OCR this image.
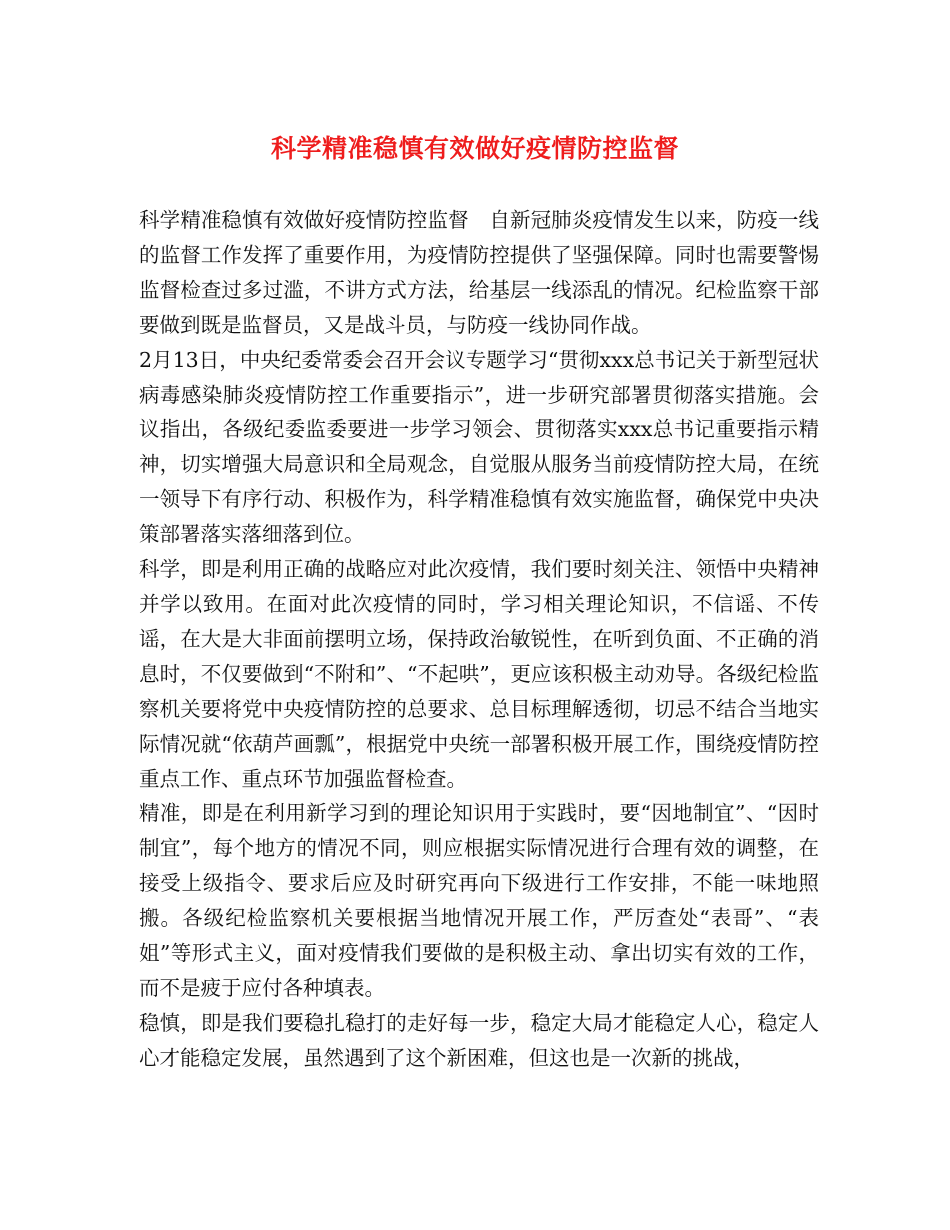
科学精准稳慎有效做好疫情防控监督

科学精准稳慎有效做好疫情防控监督　自新冠肺炎疫情发生以来，防疫一线的监督工作发挥了重要作用，为疫情防控提供了坚强保障。同时也需要警惕监督检查过多过滥，不讲方式方法，给基层一线添乱的情况。纪检监察干部要做到既是监督员，又是战斗员，与防疫一线协同作战。

2月13日，中央纪委常委会召开会议专题学习“贯彻xxx总书记关于新型冠状病毒感染肺炎疫情防控工作重要指示”，进一步研究部署贯彻落实措施。会议指出，各级纪委监委要进一步学习领会、贯彻落实xxx总书记重要指示精神，切实增强大局意识和全局观念，自觉服从服务当前疫情防控大局，在统一领导下有序行动、积极作为，科学精准稳慎有效实施监督，确保党中央决策部署落实落细落到位。

科学，即是利用正确的战略应对此次疫情，我们要时刻关注、领悟中央精神并学以致用。在面对此次疫情的同时，学习相关理论知识，不信谣、不传谣，在大是大非面前摆明立场，保持政治敏锐性，在听到负面、不正确的消息时，不仅要做到“不附和”、“不起哄”，更应该积极主动劝导。各级纪检监察机关要将党中央疫情防控的总要求、总目标理解透彻，切忌不结合当地实际情况就“依葫芦画瓢”，根据党中央统一部署积极开展工作，围绕疫情防控重点工作、重点环节加强监督检查。

精准，即是在利用新学习到的理论知识用于实践时，要“因地制宜”、“因时制宜”，每个地方的情况不同，则应根据实际情况进行合理有效的调整，在接受上级指令、要求后应及时研究再向下级进行工作安排，不能一味地照搬。各级纪检监察机关要根据当地情况开展工作，严厉查处“表哥”、“表姐”等形式主义，面对疫情我们要做的是积极主动、拿出切实有效的工作，而不是疲于应付各种填表。

稳慎，即是我们要稳扎稳打的走好每一步，稳定大局才能稳定人心，稳定人心才能稳定发展，虽然遇到了这个新困难，但这也是一次新的挑战，
